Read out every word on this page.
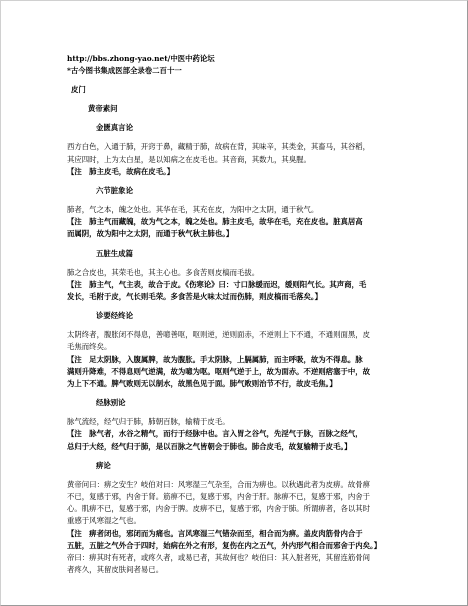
http://bbs.zhong-yao.net/中医中药论坛
*古今图书集成医部全录卷二百十一
皮门
黄帝素问
金匮真言论
西方白色，入通于肺，开窍于鼻，藏精于肺，故病在背，其味辛，其类金，其畜马，其谷稻，
其应四时，上为太白星，是以知病之在皮毛也。其音商，其数九，其臭腥。
【注　肺主皮毛，故病在皮毛。】
六节脏象论
肺者，气之本，魄之处也。其华在毛，其充在皮，为阳中之太阴，通于秋气。
【注　肺主气而藏魄，故为气之本，魄之处也。肺主皮毛，故华在毛，充在皮也。脏真居高
而属阴，故为阳中之太阴，而通于秋气秋主肺也。】
五脏生成篇
肺之合皮也，其荣毛也，其主心也。多食苦则皮槁而毛拔。
【注　肺主气，气主表，故合于皮。《伤寒论》曰：寸口脉缓而迟，缓则阳气长。其声商，毛
发长，毛附于皮，气长则毛荣。多食苦是火味太过而伤肺，则皮槁而毛落矣。】
诊要经终论
太阴终者，腹胀闭不得息，善噫善呕，呕则逆，逆则面赤，不逆则上下不通，不通则面黑，皮
毛焦而终矣。
【注　足太阴脉，入腹属脾，故为腹胀。手太阴脉，上膈属肺，而主呼吸，故为不得息。脉
满则升降难，不得息则气逆满，故为噫为呕。呕则气逆于上，故为面赤。不逆则痞塞于中，故
为上下不通。脾气败则无以制水，故黑色见于面。肺气败则治节不行，故皮毛焦。】
经脉别论
脉气流经，经气归于肺，肺朝百脉，输精于皮毛。
【注　脉气者，水谷之精气，而行于经脉中也。言入胃之谷气，先淫气于脉，百脉之经气，
总归于大经，经气归于肺，是以百脉之气皆朝会于肺也。肺合皮毛，故复输精于皮毛。】
痹论
黄帝问曰：痹之安生？岐伯对曰：风寒湿三气杂至，合而为痹也。以秋遇此者为皮痹。故骨痹
不已，复感于邪，内舍于肾。筋痹不已，复感于邪，内舍于肝。脉痹不已，复感于邪，内舍于
心。肌痹不已，复感于邪，内舍于脾。皮痹不已，复感于邪，内舍于肺。所谓痹者，各以其时
重感于风寒湿之气也。
【注　痹者闭也，邪闭而为痛也。言风寒湿三气错杂而至，相合而为痹。盖皮肉筋骨内合于
五脏，五脏之气外合于四时，始病在外之有形，复伤在内之五气，外内形气相合而邪舍于内矣。】
帝曰：痹其时有死者，或疼久者，或易已者，其故何也？岐伯曰：其入脏者死，其留连筋骨间
者疼久，其留皮肤间者易已。
